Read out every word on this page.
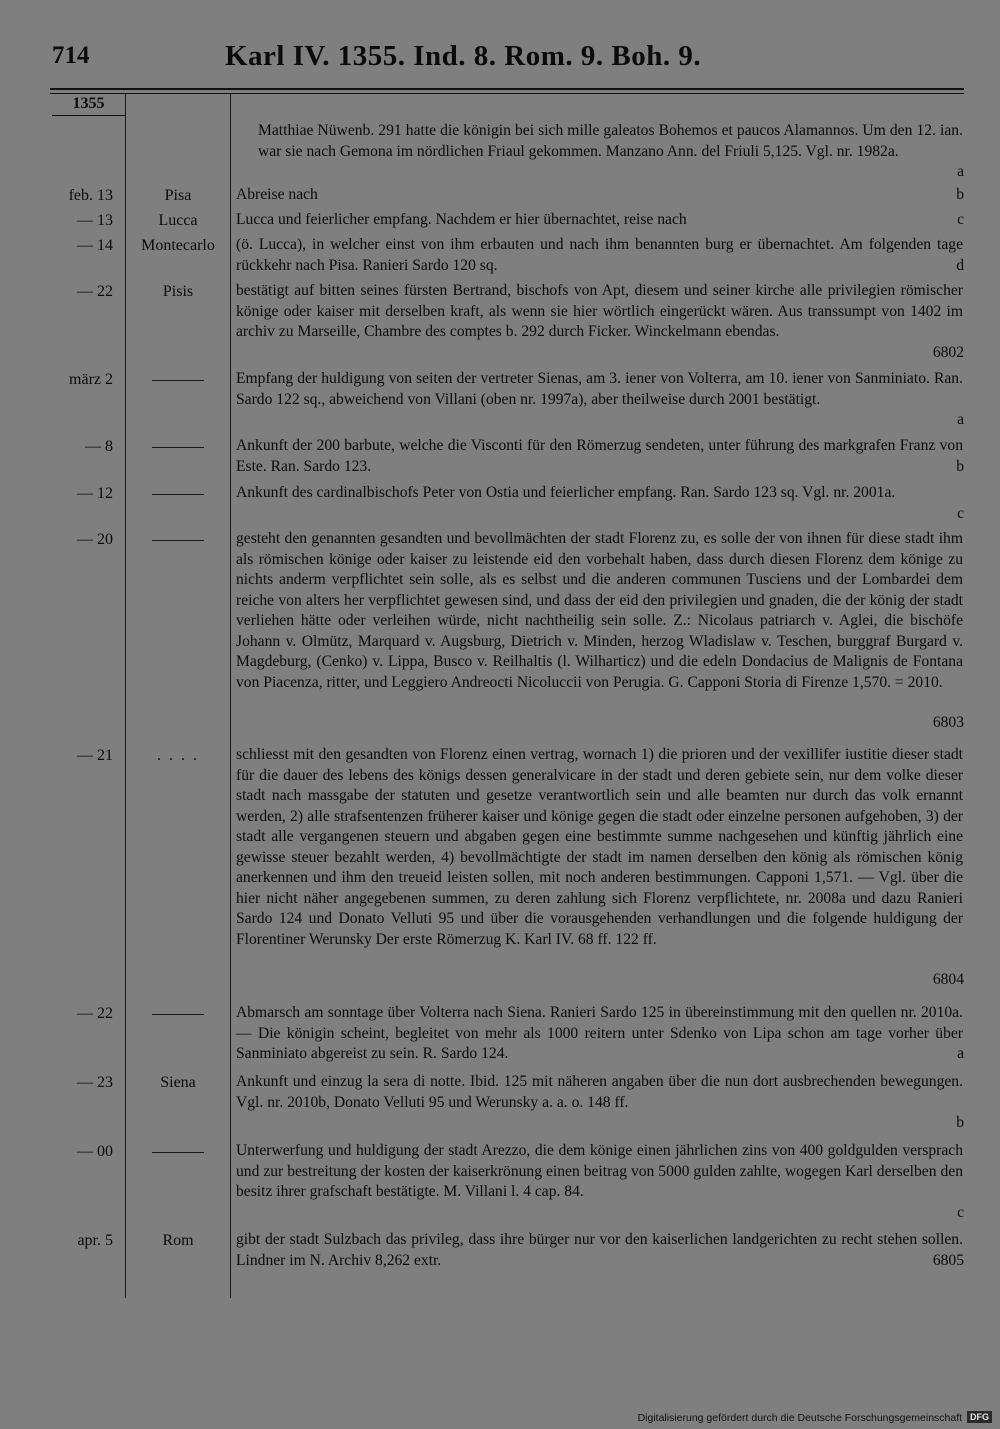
714	Karl IV. 1355. Ind. 8. Rom. 9. Boh. 9.
1355
Matthiae Nüwenb. 291 hatte die königin bei sich mille galeatos Bohemos et paucos Alamannos. Um den 12. ian. war sie nach Gemona im nördlichen Friaul gekommen. Manzano Ann. del Friuli 5,125. Vgl. nr. 1982a.
a
feb. 13	Pisa	Abreise nach	b
— 13	Lucca	Lucca und feierlicher empfang. Nachdem er hier übernachtet, reise nach	c
— 14	Montecarlo	(ö. Lucca), in welcher einst von ihm erbauten und nach ihm benannten burg er übernachtet. Am folgenden tage rückkehr nach Pisa. Ranieri Sardo 120 sq.	d
— 22	Pisis	bestätigt auf bitten seines fürsten Bertrand, bischofs von Apt, diesem und seiner kirche alle privilegien römischer könige oder kaiser mit derselben kraft, als wenn sie hier wörtlich eingerückt wären. Aus transsumpt von 1402 im archiv zu Marseille, Chambre des comptes b. 292 durch Ficker. Winckelmann ebendas.
6802
märz 2	Empfang der huldigung von seiten der vertreter Sienas, am 3. iener von Volterra, am 10. iener von Sanminiato. Ran. Sardo 122 sq., abweichend von Villani (oben nr. 1997a), aber theilweise durch 2001 bestätigt.
a
— 8	Ankunft der 200 barbute, welche die Visconti für den Römerzug sendeten, unter führung des markgrafen Franz von Este. Ran. Sardo 123.	b
— 12	Ankunft des cardinalbischofs Peter von Ostia und feierlicher empfang. Ran. Sardo 123 sq. Vgl. nr. 2001a.
c
— 20	gesteht den genannten gesandten und bevollmächten der stadt Florenz zu, es solle der von ihnen für diese stadt ihm als römischen könige oder kaiser zu leistende eid den vorbehalt haben, dass durch diesen Florenz dem könige zu nichts anderm verpflichtet sein solle, als es selbst und die anderen communen Tusciens und der Lombardei dem reiche von alters her verpflichtet gewesen sind, und dass der eid den privilegien und gnaden, die der könig der stadt verliehen hätte oder verleihen würde, nicht nachtheilig sein solle. Z.: Nicolaus patriarch v. Aglei, die bischöfe Johann v. Olmütz, Marquard v. Augsburg, Dietrich v. Minden, herzog Wladislaw v. Teschen, burggraf Burgard v. Magdeburg, (Cenko) v. Lippa, Busco v. Reilhaltis (l. Wilharticz) und die edeln Dondacius de Malignis de Fontana von Piacenza, ritter, und Leggiero Andreocti Nicoluccii von Perugia. G. Capponi Storia di Firenze 1,570. = 2010.
6803
— 21	. . . .	schliesst mit den gesandten von Florenz einen vertrag, wornach 1) die prioren und der vexillifer iustitie dieser stadt für die dauer des lebens des königs dessen generalvicare in der stadt und deren gebiete sein, nur dem volke dieser stadt nach massgabe der statuten und gesetze verantwortlich sein und alle beamten nur durch das volk ernannt werden, 2) alle strafsentenzen früherer kaiser und könige gegen die stadt oder einzelne personen aufgehoben, 3) der stadt alle vergangenen steuern und abgaben gegen eine bestimmte summe nachgesehen und künftig jährlich eine gewisse steuer bezahlt werden, 4) bevollmächtigte der stadt im namen derselben den könig als römischen könig anerkennen und ihm den treueid leisten sollen, mit noch anderen bestimmungen. Capponi 1,571. — Vgl. über die hier nicht näher angegebenen summen, zu deren zahlung sich Florenz verpflichtete, nr. 2008a und dazu Ranieri Sardo 124 und Donato Velluti 95 und über die vorausgehenden verhandlungen und die folgende huldigung der Florentiner Werunsky Der erste Römerzug K. Karl IV. 68 ff. 122 ff.
6804
— 22	Abmarsch am sonntage über Volterra nach Siena. Ranieri Sardo 125 in übereinstimmung mit den quellen nr. 2010a. — Die königin scheint, begleitet von mehr als 1000 reitern unter Sdenko von Lipa schon am tage vorher über Sanminiato abgereist zu sein. R. Sardo 124.	a
— 23	Siena	Ankunft und einzug la sera di notte. Ibid. 125 mit näheren angaben über die nun dort ausbrechenden bewegungen. Vgl. nr. 2010b, Donato Velluti 95 und Werunsky a. a. o. 148 ff.
b
— 00	Unterwerfung und huldigung der stadt Arezzo, die dem könige einen jährlichen zins von 400 goldgulden versprach und zur bestreitung der kosten der kaiserkrönung einen beitrag von 5000 gulden zahlte, wogegen Karl derselben den besitz ihrer grafschaft bestätigte. M. Villani l. 4 cap. 84.
c
apr. 5	Rom	gibt der stadt Sulzbach das privileg, dass ihre bürger nur vor den kaiserlichen landgerichten zu recht stehen sollen. Lindner im N. Archiv 8,262 extr.	6805
Digitalisierung gefördert durch die Deutsche Forschungsgemeinschaft DFG
